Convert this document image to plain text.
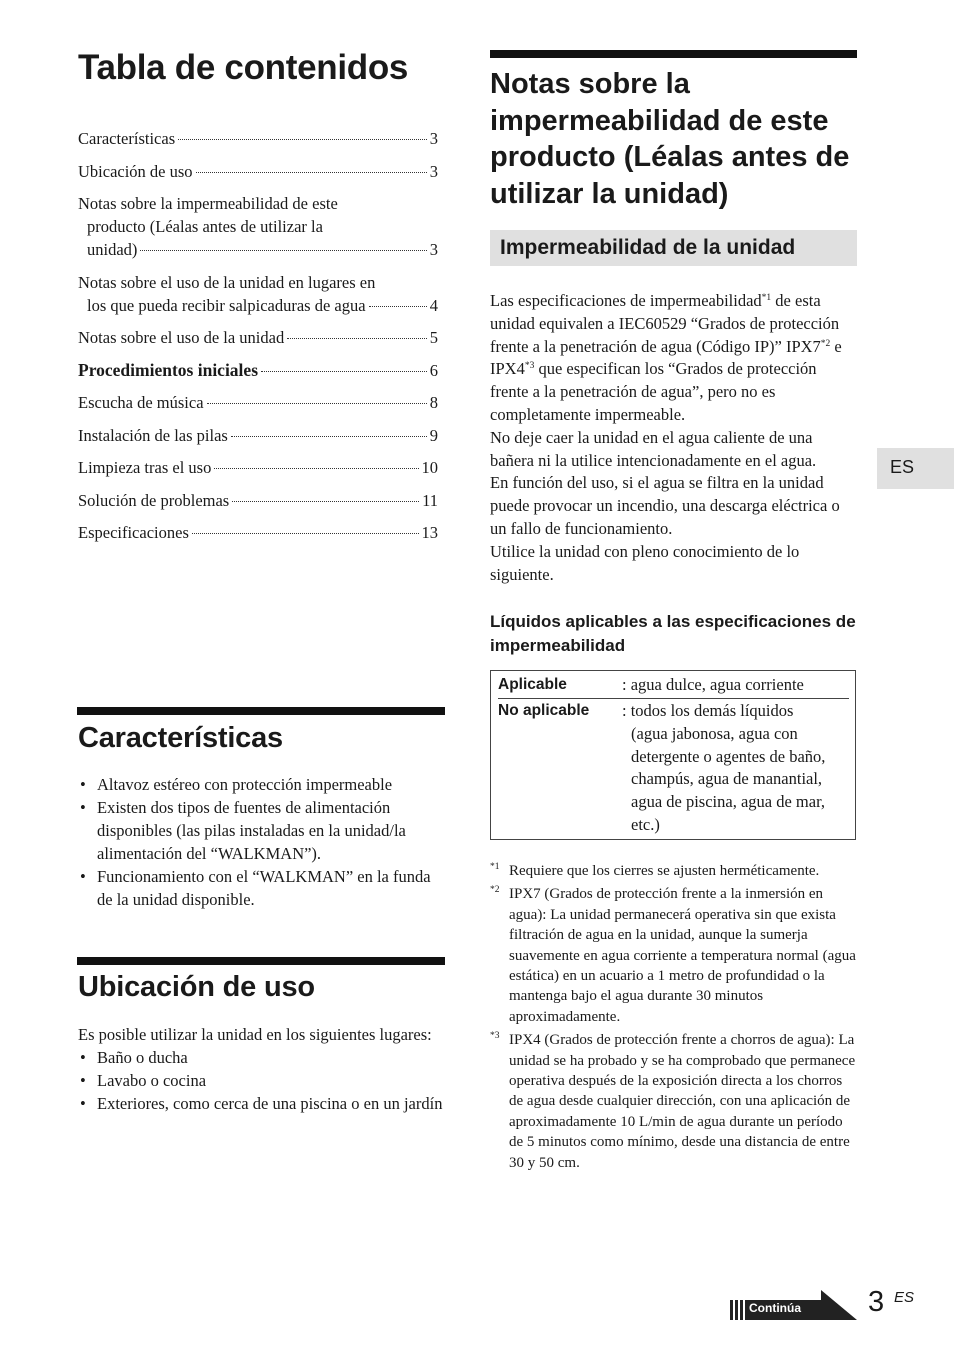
Tabla de contenidos
Características	3
Ubicación de uso	3
Notas sobre la impermeabilidad de este
producto (Léalas antes de utilizar la
unidad)	3
Notas sobre el uso de la unidad en lugares en
los que pueda recibir salpicaduras de agua	4
Notas sobre el uso de la unidad	5
Procedimientos iniciales	6
Escucha de música	8
Instalación de las pilas	9
Limpieza tras el uso	10
Solución de problemas	11
Especificaciones	13
Características
• Altavoz estéreo con protección impermeable
• Existen dos tipos de fuentes de alimentación disponibles (las pilas instaladas en la unidad/la alimentación del “WALKMAN”).
• Funcionamiento con el “WALKMAN” en la funda de la unidad disponible.
Ubicación de uso
Es posible utilizar la unidad en los siguientes lugares:
• Baño o ducha
• Lavabo o cocina
• Exteriores, como cerca de una piscina o en un jardín
Notas sobre la impermeabilidad de este producto (Léalas antes de utilizar la unidad)
Impermeabilidad de la unidad

Las especificaciones de impermeabilidad$^{*1}$ de esta unidad equivalen a IEC60529 “Grados de protección frente a la penetración de agua (Código IP)” IPX7$^{*2}$ e IPX4$^{*3}$ que especifican los “Grados de protección frente a la penetración de agua”, pero no es completamente impermeable.

No deje caer la unidad en el agua caliente de una bañera ni la utilice intencionadamente en el agua.

En función del uso, si el agua se filtra en la unidad puede provocar un incendio, una descarga eléctrica o un fallo de funcionamiento.

Utilice la unidad con pleno conocimiento de lo siguiente.

Líquidos aplicables a las especificaciones de impermeabilidad
Aplicable	: agua dulce, agua corriente
No aplicable : todos los demás líquidos
(agua jabonosa, agua con detergente o agentes de baño, champús, agua de manantial, agua de piscina, agua de mar, etc.)
$^{*1}$ Requiere que los cierres se ajusten herméticamente.
$^{*2}$ IPX7 (Grados de protección frente a la inmersión en agua): La unidad permanecerá operativa sin que exista filtración de agua en la unidad, aunque la sumerja suavemente en agua corriente a temperatura normal (agua estática) en un acuario a 1 metro de profundidad o la mantenga bajo el agua durante 30 minutos aproximadamente.
$^{*3}$ IPX4 (Grados de protección frente a chorros de agua): La unidad se ha probado y se ha comprobado que permanece operativa después de la exposición directa a los chorros de agua desde cualquier dirección, con una aplicación de aproximadamente 10 L/min de agua durante un período de 5 minutos como mínimo, desde una distancia de entre 30 y 50 cm.
ES
Continúa 3 ES
